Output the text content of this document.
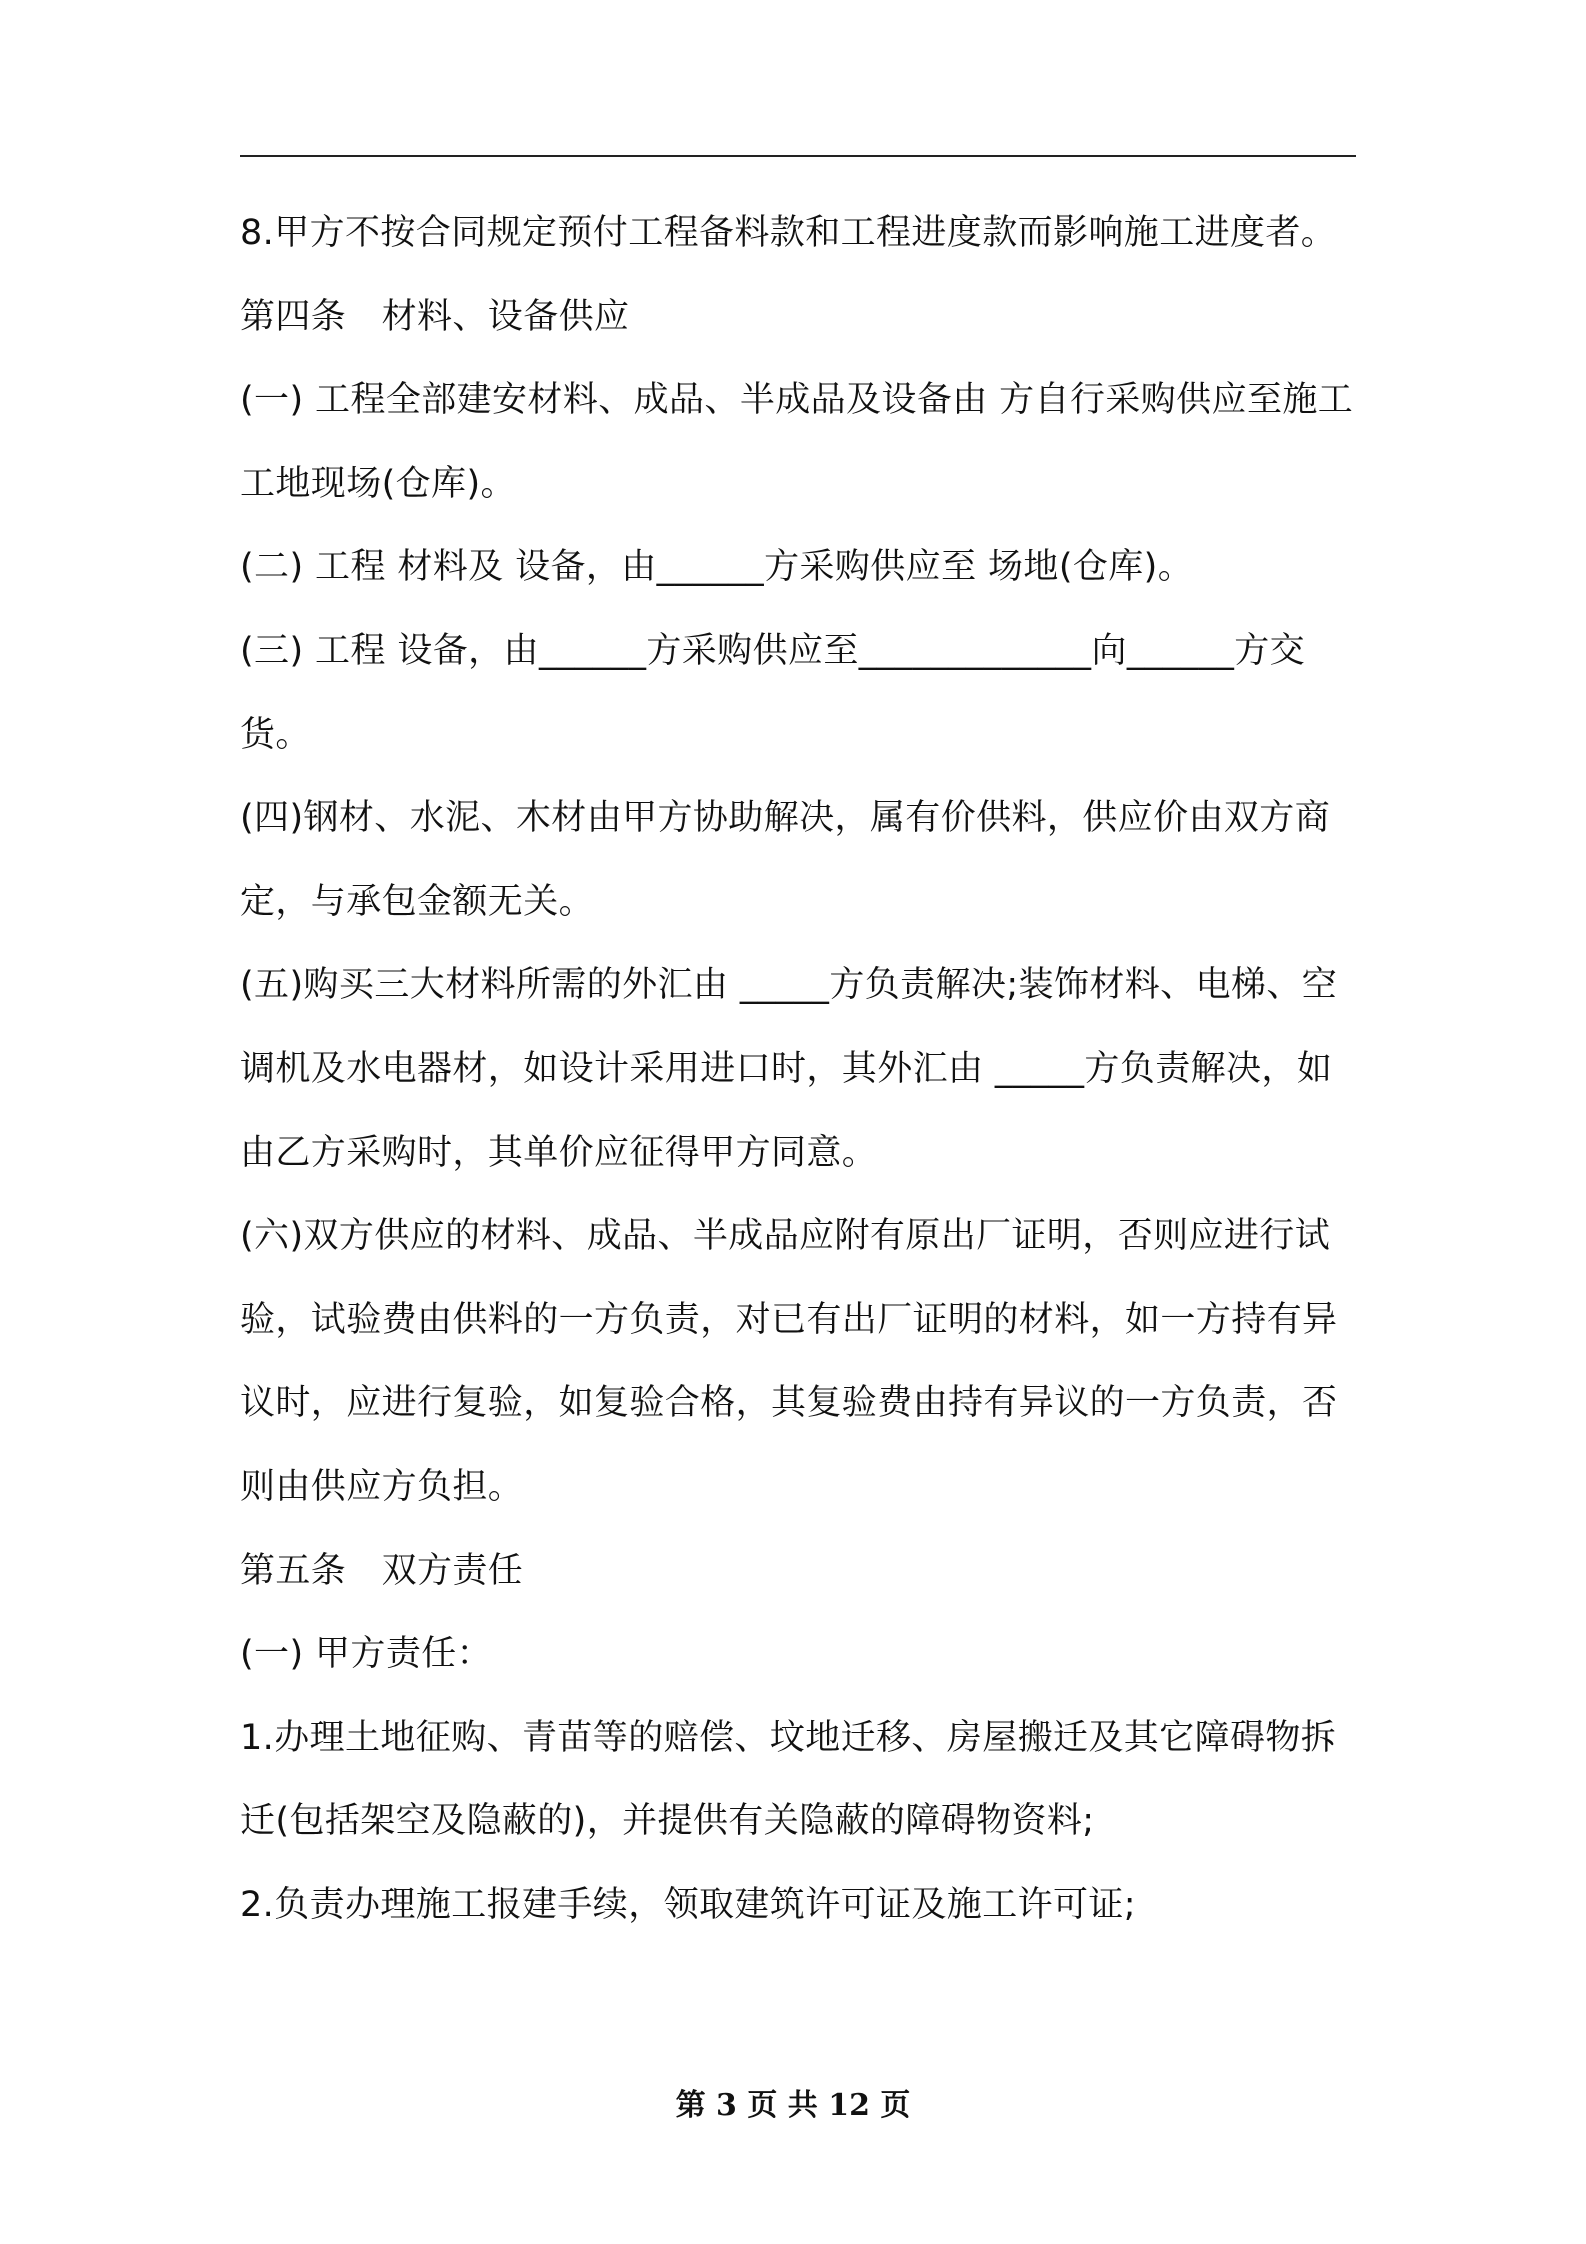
8.甲方不按合同规定预付工程备料款和工程进度款而影响施工进度者。

第四条　材料、设备供应

(一) 工程全部建安材料、成品、半成品及设备由 方自行采购供应至施工工地现场(仓库)。

(二) 工程 材料及 设备，由______方采购供应至 场地(仓库)。

(三) 工程 设备，由______方采购供应至_____________向______方交货。

(四)钢材、水泥、木材由甲方协助解决，属有价供料，供应价由双方商定，与承包金额无关。

(五)购买三大材料所需的外汇由 _____方负责解决;装饰材料、电梯、空调机及水电器材，如设计采用进口时，其外汇由 _____方负责解决，如由乙方采购时，其单价应征得甲方同意。

(六)双方供应的材料、成品、半成品应附有原出厂证明，否则应进行试验，试验费由供料的一方负责，对已有出厂证明的材料，如一方持有异议时，应进行复验，如复验合格，其复验费由持有异议的一方负责，否则由供应方负担。

第五条　双方责任

(一) 甲方责任：

1.办理土地征购、青苗等的赔偿、坟地迁移、房屋搬迁及其它障碍物拆迁(包括架空及隐蔽的)，并提供有关隐蔽的障碍物资料;

2.负责办理施工报建手续，领取建筑许可证及施工许可证;

第 3 页 共 12 页
